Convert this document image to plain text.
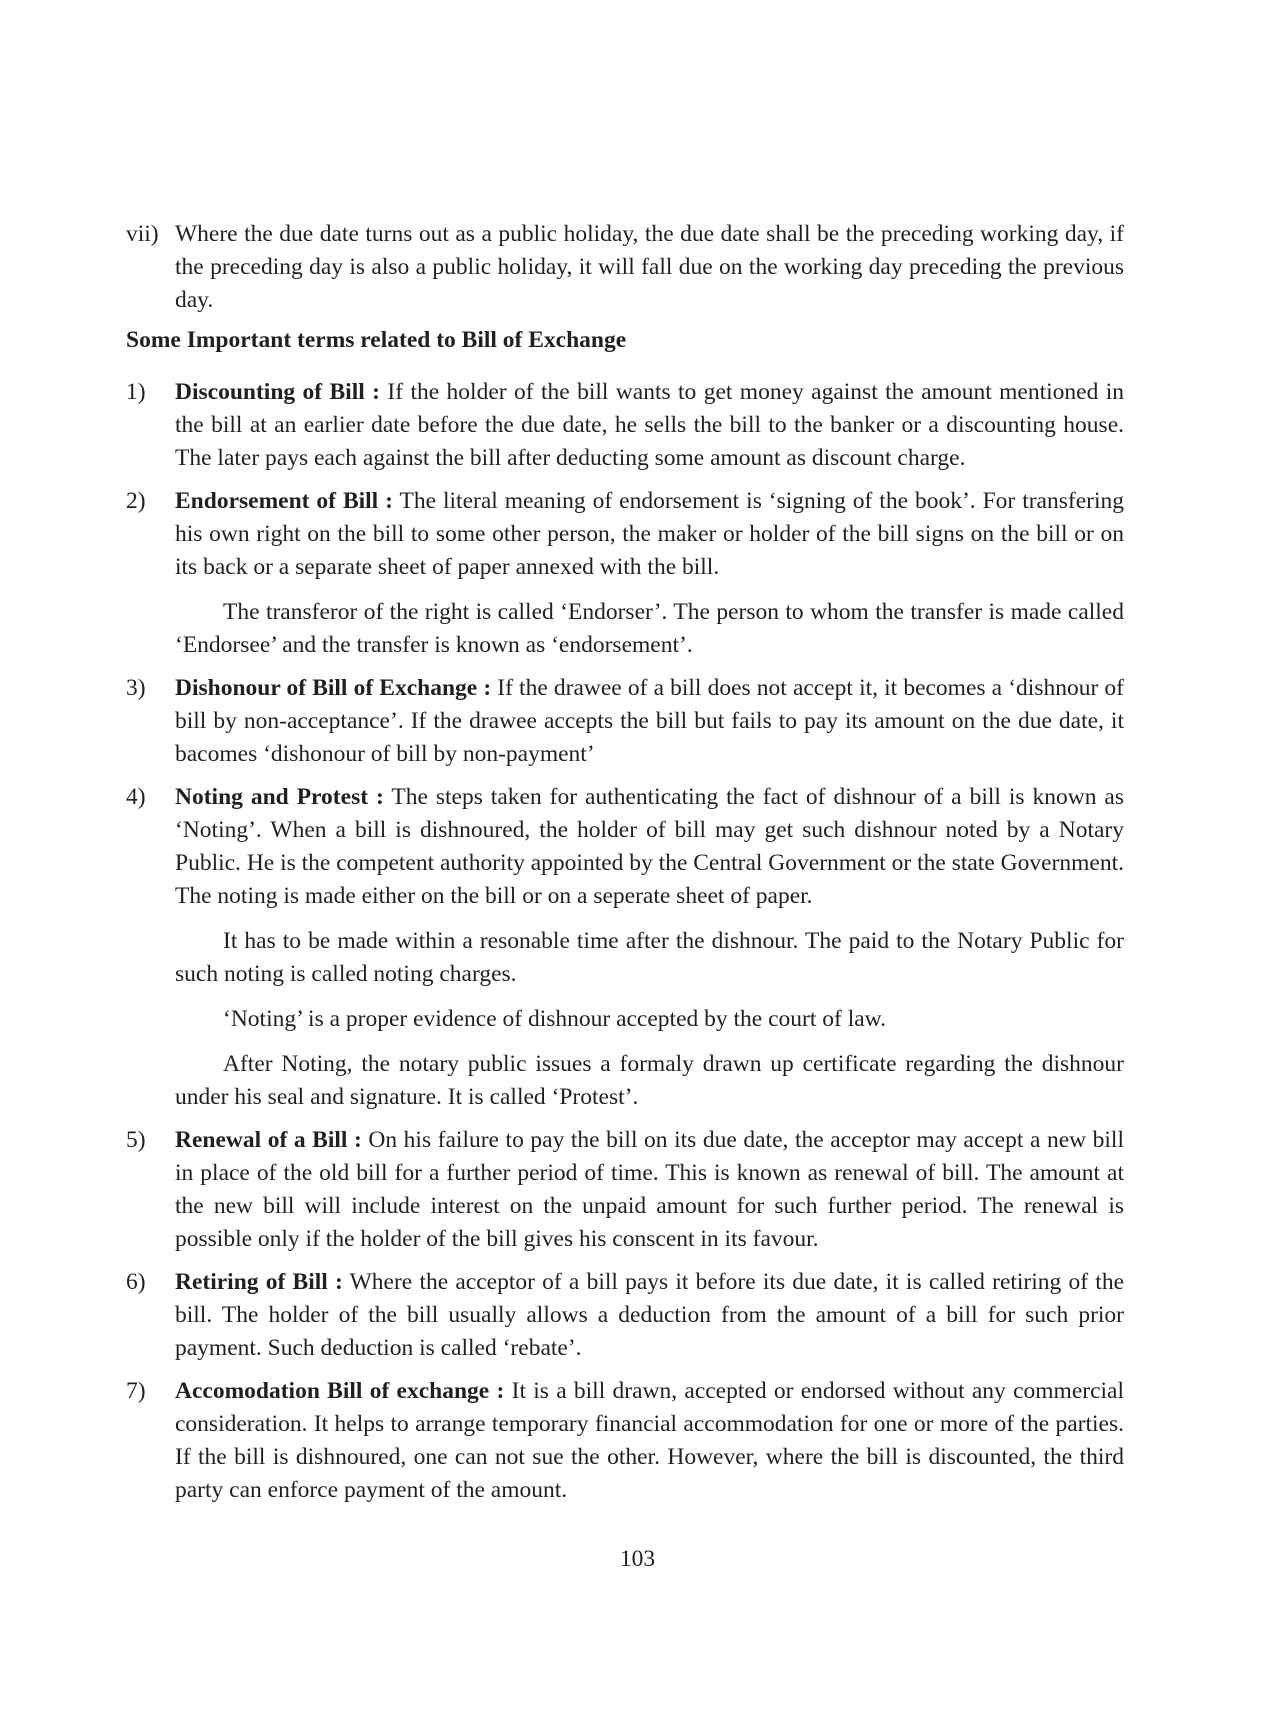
vii) Where the due date turns out as a public holiday, the due date shall be the preceding working day, if the preceding day is also a public holiday, it will fall due on the working day preceding the previous day.

Some Important terms related to Bill of Exchange
1) Discounting of Bill : If the holder of the bill wants to get money against the amount mentioned in the bill at an earlier date before the due date, he sells the bill to the banker or a discounting house. The later pays each against the bill after deducting some amount as discount charge.

2) Endorsement of Bill : The literal meaning of endorsement is ‘signing of the book’. For transfering his own right on the bill to some other person, the maker or holder of the bill signs on the bill or on its back or a separate sheet of paper annexed with the bill.

The transferor of the right is called ‘Endorser’. The person to whom the transfer is made called ‘Endorsee’ and the transfer is known as ‘endorsement’.

3) Dishonour of Bill of Exchange : If the drawee of a bill does not accept it, it becomes a ‘dishnour of bill by non-acceptance’. If the drawee accepts the bill but fails to pay its amount on the due date, it bacomes ‘dishonour of bill by non-payment’

4) Noting and Protest : The steps taken for authenticating the fact of dishnour of a bill is known as ‘Noting’. When a bill is dishnoured, the holder of bill may get such dishnour noted by a Notary Public. He is the competent authority appointed by the Central Government or the state Government. The noting is made either on the bill or on a seperate sheet of paper.

It has to be made within a resonable time after the dishnour. The paid to the Notary Public for such noting is called noting charges.

‘Noting’ is a proper evidence of dishnour accepted by the court of law.

After Noting, the notary public issues a formaly drawn up certificate regarding the dishnour under his seal and signature. It is called ‘Protest’.

5) Renewal of a Bill : On his failure to pay the bill on its due date, the acceptor may accept a new bill in place of the old bill for a further period of time. This is known as renewal of bill. The amount at the new bill will include interest on the unpaid amount for such further period. The renewal is possible only if the holder of the bill gives his conscent in its favour.

6) Retiring of Bill : Where the acceptor of a bill pays it before its due date, it is called retiring of the bill. The holder of the bill usually allows a deduction from the amount of a bill for such prior payment. Such deduction is called ‘rebate’.

7) Accomodation Bill of exchange : It is a bill drawn, accepted or endorsed without any commercial consideration. It helps to arrange temporary financial accommodation for one or more of the parties. If the bill is dishnoured, one can not sue the other. However, where the bill is discounted, the third party can enforce payment of the amount.

103
